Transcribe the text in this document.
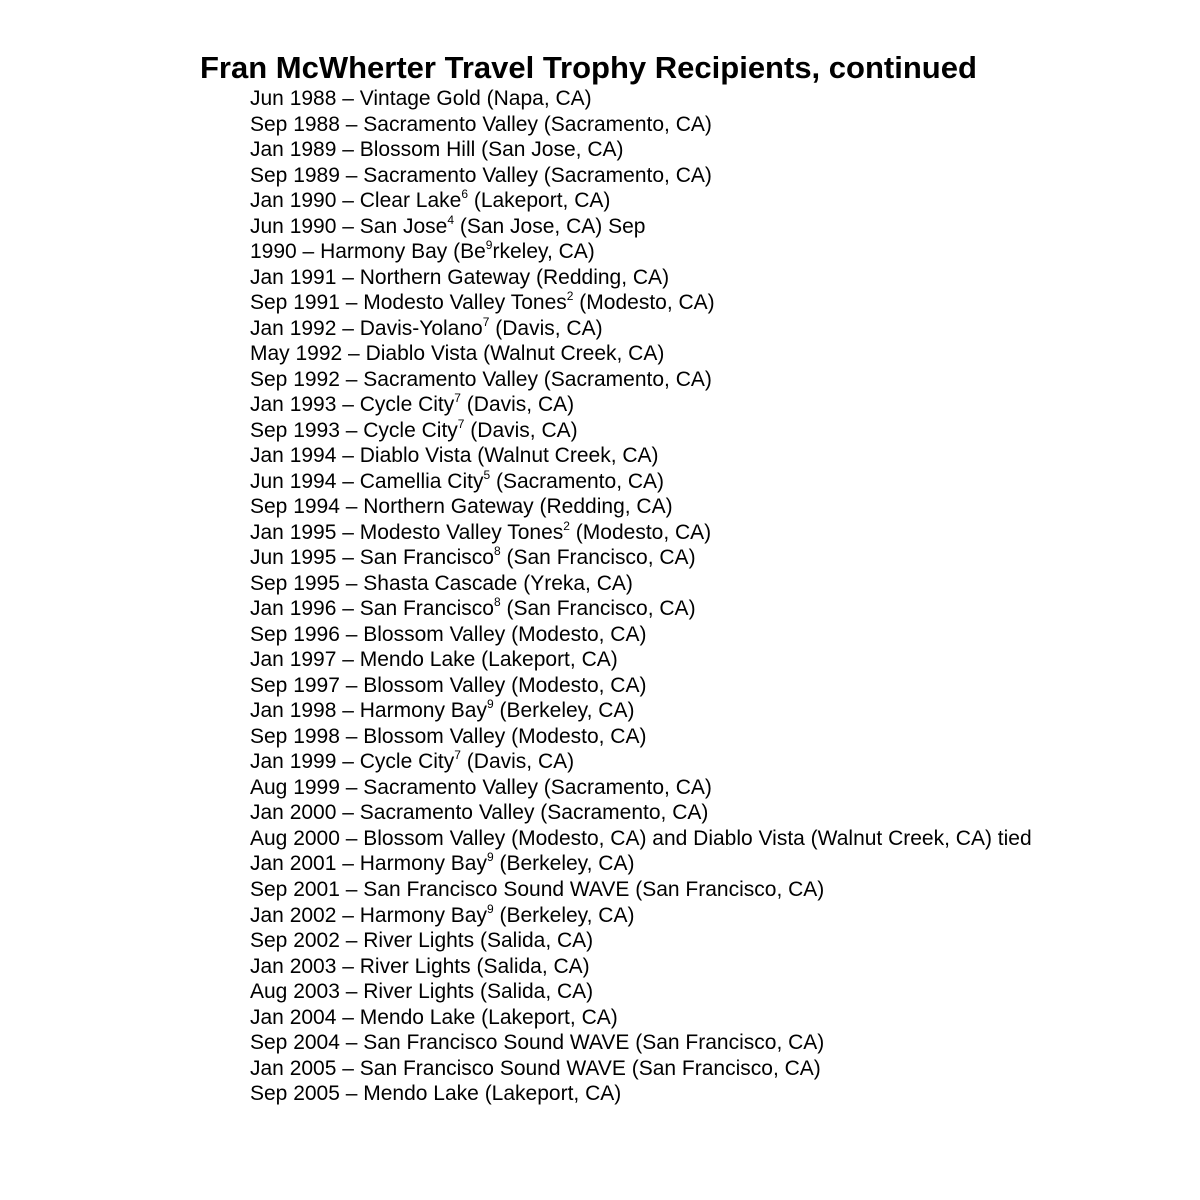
Fran McWherter Travel Trophy Recipients, continued
Jun 1988 – Vintage Gold (Napa, CA)
Sep 1988 – Sacramento Valley (Sacramento, CA)
Jan 1989 – Blossom Hill (San Jose, CA)
Sep 1989 – Sacramento Valley (Sacramento, CA)
Jan 1990 – Clear Lake$^6$ (Lakeport, CA)
Jun 1990 – San Jose$^4$ (San Jose, CA) Sep
1990 – Harmony Bay (Be$^9$rkeley, CA)
Jan 1991 – Northern Gateway (Redding, CA)
Sep 1991 – Modesto Valley Tones$^2$ (Modesto, CA)
Jan 1992 – Davis-Yolano$^7$ (Davis, CA)
May 1992 – Diablo Vista (Walnut Creek, CA)
Sep 1992 – Sacramento Valley (Sacramento, CA)
Jan 1993 – Cycle City$^7$ (Davis, CA)
Sep 1993 – Cycle City$^7$ (Davis, CA)
Jan 1994 – Diablo Vista (Walnut Creek, CA)
Jun 1994 – Camellia City$^5$ (Sacramento, CA)
Sep 1994 – Northern Gateway (Redding, CA)
Jan 1995 – Modesto Valley Tones$^2$ (Modesto, CA)
Jun 1995 – San Francisco$^8$ (San Francisco, CA)
Sep 1995 – Shasta Cascade (Yreka, CA)
Jan 1996 – San Francisco$^8$ (San Francisco, CA)
Sep 1996 – Blossom Valley (Modesto, CA)
Jan 1997 – Mendo Lake (Lakeport, CA)
Sep 1997 – Blossom Valley (Modesto, CA)
Jan 1998 – Harmony Bay$^9$ (Berkeley, CA)
Sep 1998 – Blossom Valley (Modesto, CA)
Jan 1999 – Cycle City$^7$ (Davis, CA)
Aug 1999 – Sacramento Valley (Sacramento, CA)
Jan 2000 – Sacramento Valley (Sacramento, CA)
Aug 2000 – Blossom Valley (Modesto, CA) and Diablo Vista (Walnut Creek, CA) tied
Jan 2001 – Harmony Bay$^9$ (Berkeley, CA)
Sep 2001 – San Francisco Sound WAVE (San Francisco, CA)
Jan 2002 – Harmony Bay$^9$ (Berkeley, CA)
Sep 2002 – River Lights (Salida, CA)
Jan 2003 – River Lights (Salida, CA)
Aug 2003 – River Lights (Salida, CA)
Jan 2004 – Mendo Lake (Lakeport, CA)
Sep 2004 – San Francisco Sound WAVE (San Francisco, CA)
Jan 2005 – San Francisco Sound WAVE (San Francisco, CA)
Sep 2005 – Mendo Lake (Lakeport, CA)
